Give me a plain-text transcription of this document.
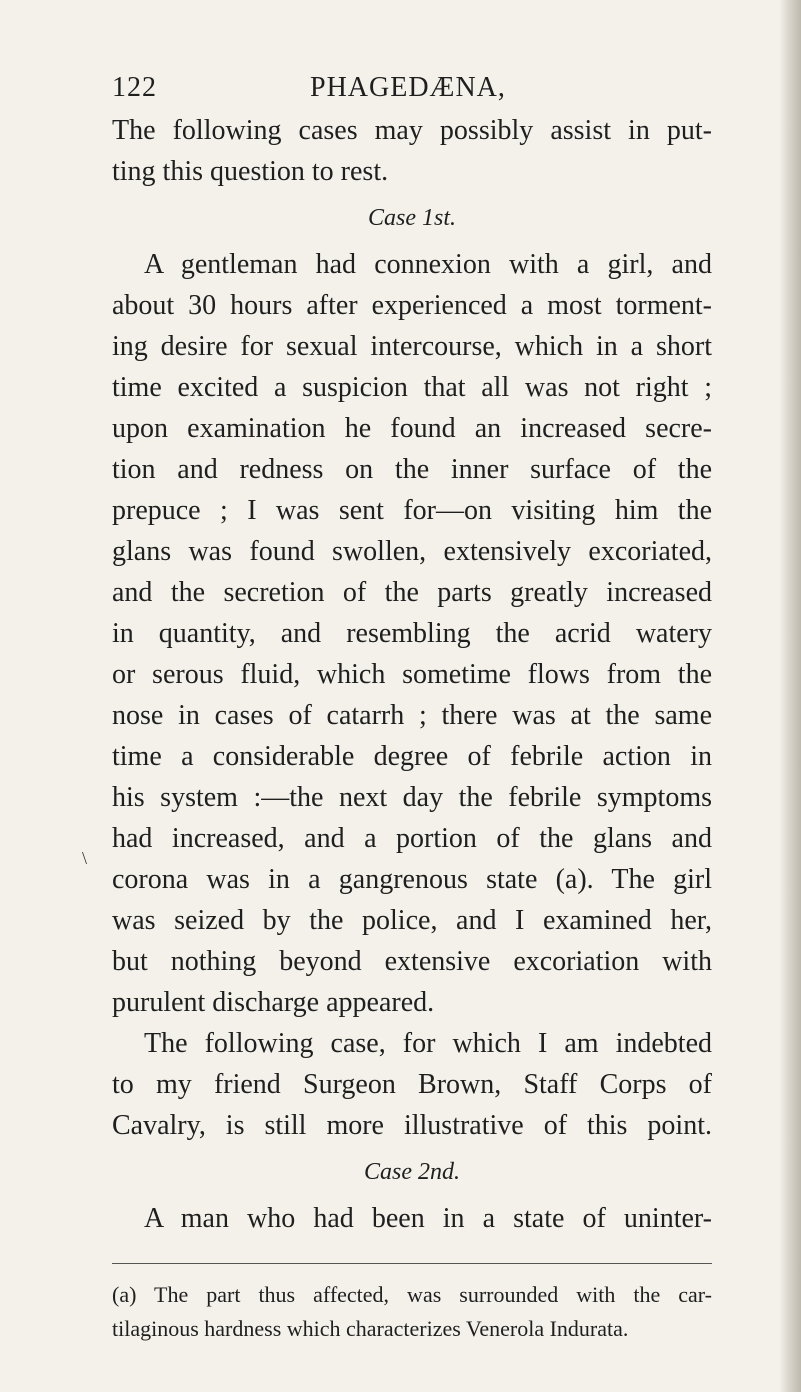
122	PHAGEDÆNA,
The following cases may possibly assist in put-
ting this question to rest.
Case 1st.
A gentleman had connexion with a girl, and
about 30 hours after experienced a most torment-
ing desire for sexual intercourse, which in a short
time excited a suspicion that all was not right ;
upon examination he found an increased secre-
tion and redness on the inner surface of the
prepuce ; I was sent for—on visiting him the
glans was found swollen, extensively excoriated,
and the secretion of the parts greatly increased
in quantity, and resembling the acrid watery
or serous fluid, which sometime flows from the
nose in cases of catarrh ; there was at the same
time a considerable degree of febrile action in
his system :—the next day the febrile symptoms
had increased, and a portion of the glans and
corona was in a gangrenous state (a). The girl
was seized by the police, and I examined her,
but nothing beyond extensive excoriation with
purulent discharge appeared.
The following case, for which I am indebted
to my friend Surgeon Brown, Staff Corps of
Cavalry, is still more illustrative of this point.
Case 2nd.
A man who had been in a state of uninter-
\
(a) The part thus affected, was surrounded with the car-
tilaginous hardness which characterizes Venerola Indurata.
